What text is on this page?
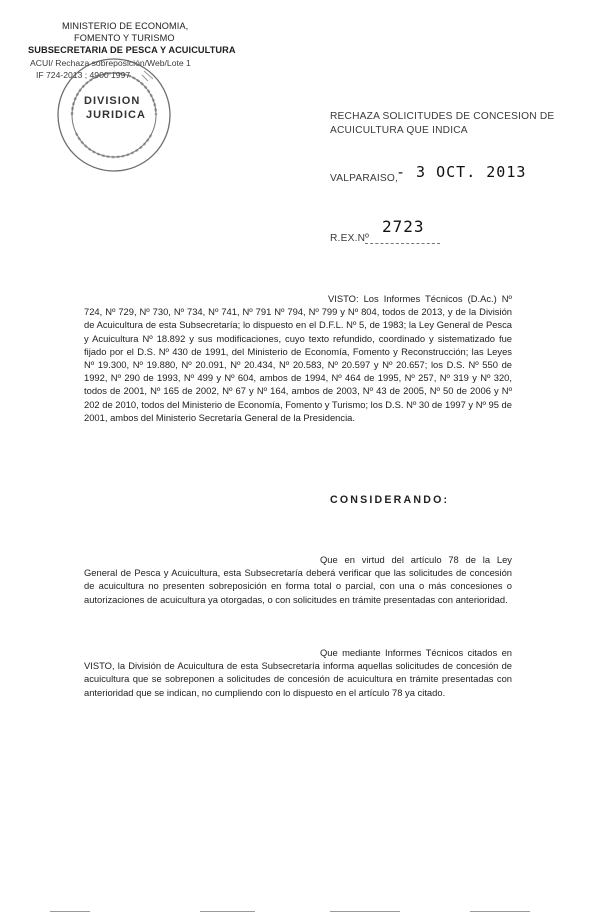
MINISTERIO DE ECONOMIA,
FOMENTO Y TURISMO
SUBSECRETARIA DE PESCA Y ACUICULTURA
ACUI/ Rechaza sobreposición/Web/Lote 1
IF 724-2013 ; 4900 1997
DIVISION
JURIDICA	RECHAZA SOLICITUDES DE CONCESION DE
ACUICULTURA QUE INDICA
VALPARAISO,
- 3 OCT. 2013
R.EX.Nº
2723
VISTO: Los Informes Técnicos (D.Ac.) Nº 724, Nº 729, Nº 730, Nº 734, Nº 741, Nº 791 Nº 794, Nº 799 y Nº 804, todos de 2013, y de la División de Acuicultura de esta Subsecretaría; lo dispuesto en el D.F.L. Nº 5, de 1983; la Ley General de Pesca y Acuicultura Nº 18.892 y sus modificaciones, cuyo texto refundido, coordinado y sistematizado fue fijado por el D.S. Nº 430 de 1991, del Ministerio de Economía, Fomento y Reconstrucción; las Leyes Nº 19.300, Nº 19.880, Nº 20.091, Nº 20.434, Nº 20.583, Nº 20.597 y Nº 20.657; los D.S. Nº 550 de 1992, Nº 290 de 1993, Nº 499 y Nº 604, ambos de 1994, Nº 464 de 1995, Nº 257, Nº 319 y Nº 320, todos de 2001, Nº 165 de 2002, Nº 67 y Nº 164, ambos de 2003, Nº 43 de 2005, Nº 50 de 2006 y Nº 202 de 2010, todos del Ministerio de Economía, Fomento y Turismo; los D.S. Nº 30 de 1997 y Nº 95 de 2001, ambos del Ministerio Secretaría General de la Presidencia.
CONSIDERANDO:
Que en virtud del artículo 78 de la Ley General de Pesca y Acuicultura, esta Subsecretaría deberá verificar que las solicitudes de concesión de acuicultura no presenten sobreposición en forma total o parcial, con una o más concesiones o autorizaciones de acuicultura ya otorgadas, o con solicitudes en trámite presentadas con anterioridad.
Que mediante Informes Técnicos citados en VISTO, la División de Acuicultura de esta Subsecretaría informa aquellas solicitudes de concesión de acuicultura que se sobreponen a solicitudes de concesión de acuicultura en trámite presentadas con anterioridad que se indican, no cumpliendo con lo dispuesto en el artículo 78 ya citado.
